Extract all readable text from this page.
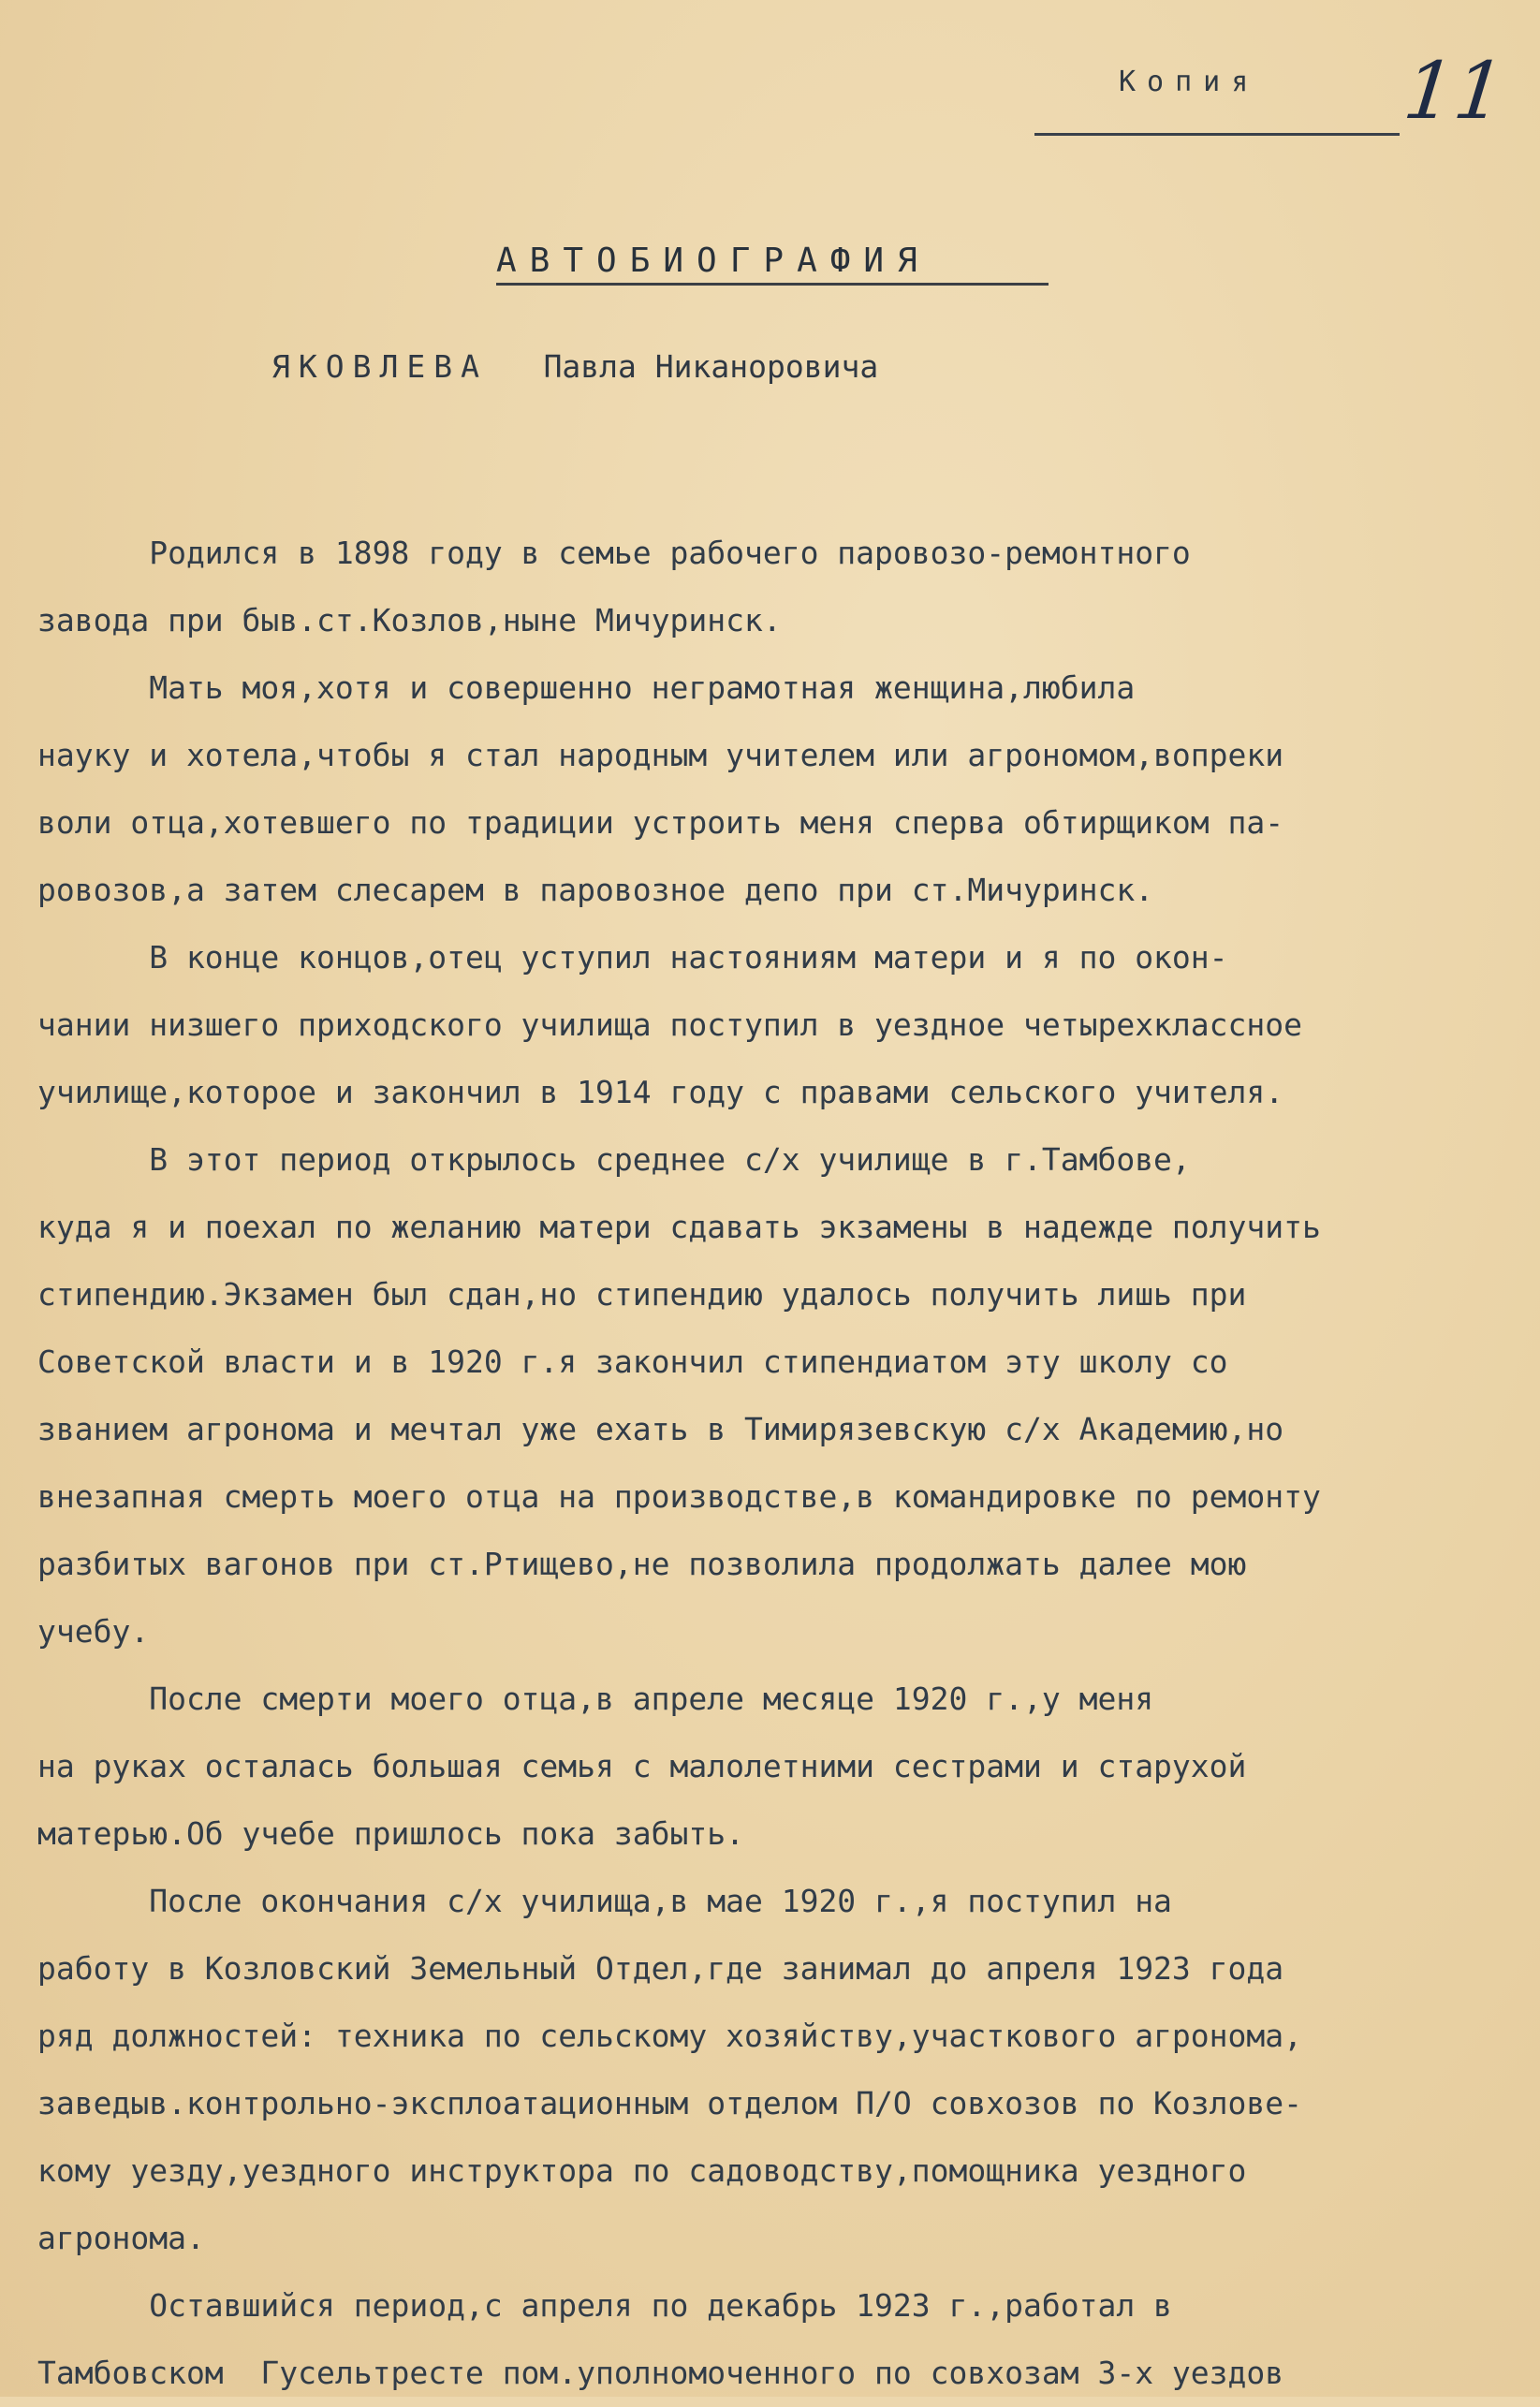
Копия 11
АВТОБИОГРАФИЯ
ЯКОВЛЕВА Павла Никаноровича
Родился в 1898 году в семье рабочего паровозо-ремонтного
завода при быв.ст.Козлов,ныне Мичуринск.
Мать моя,хотя и совершенно неграмотная женщина,любила
науку и хотела,чтобы я стал народным учителем или агрономом,вопреки
воли отца,хотевшего по традиции устроить меня сперва обтирщиком па-
ровозов,а затем слесарем в паровозное депо при ст.Мичуринск.
В конце концов,отец уступил настояниям матери и я по окон-
чании низшего приходского училища поступил в уездное четырехклассное
училище,которое и закончил в 1914 году с правами сельского учителя.
В этот период открылось среднее с/х училище в г.Тамбове,
куда я и поехал по желанию матери сдавать экзамены в надежде получить
стипендию.Экзамен был сдан,но стипендию удалось получить лишь при
Советской власти и в 1920 г.я закончил стипендиатом эту школу со
званием агронома и мечтал уже ехать в Тимирязевскую с/х Академию,но
внезапная смерть моего отца на производстве,в командировке по ремонту
разбитых вагонов при ст.Ртищево,не позволила продолжать далее мою
учебу.
После смерти моего отца,в апреле месяце 1920 г.,у меня
на руках осталась большая семья с малолетними сестрами и старухой
матерью.Об учебе пришлось пока забыть.
После окончания с/х училища,в мае 1920 г.,я поступил на
работу в Козловский Земельный Отдел,где занимал до апреля 1923 года
ряд должностей: техника по сельскому хозяйству,участкового агронома,
заведыв.контрольно-эксплоатационным отделом П/О совхозов по Козлове-
кому уезду,уездного инструктора по садоводству,помощника уездного
агронома.
Оставшийся период,с апреля по декабрь 1923 г.,работал в
Тамбовском  Гусельтресте пом.уполномоченного по совхозам 3-х уездов
